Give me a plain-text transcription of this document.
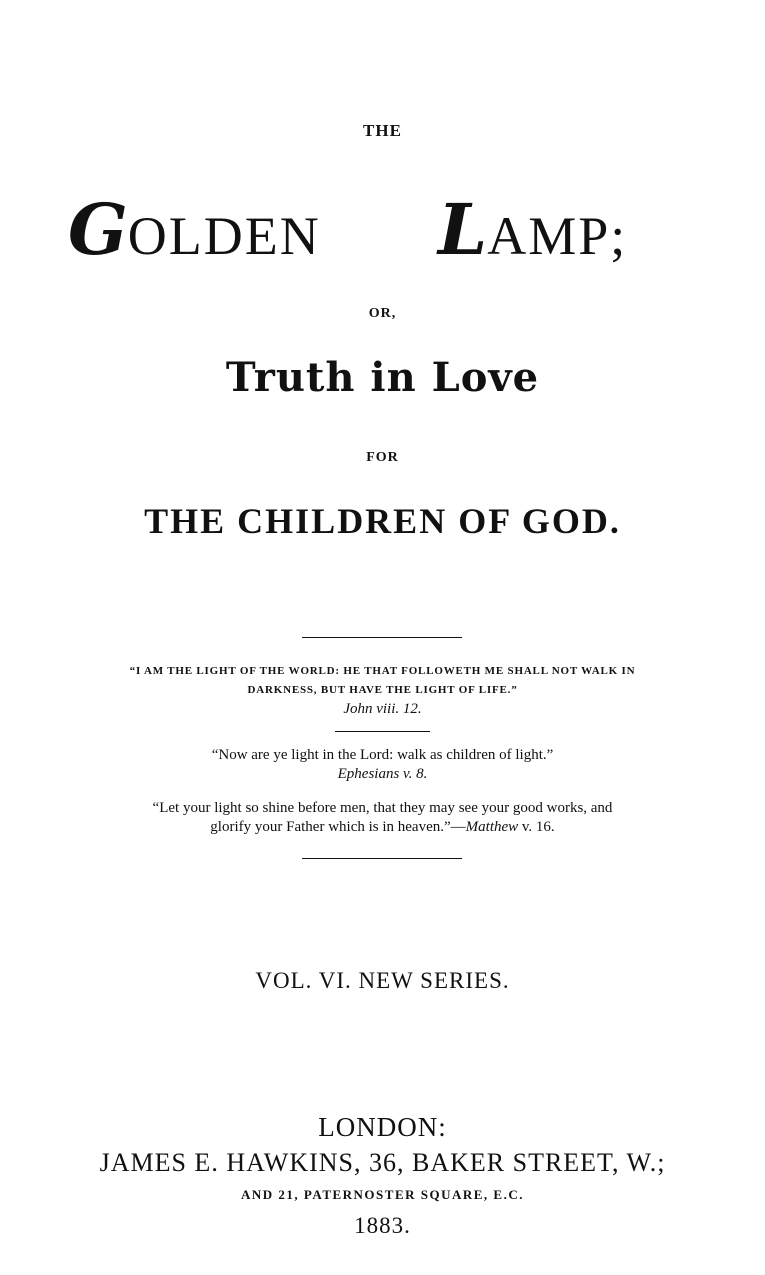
THE
GOLDEN LAMP;
OR,
Truth in Love
FOR
THE CHILDREN OF GOD.
“I AM THE LIGHT OF THE WORLD: HE THAT FOLLOWETH ME SHALL NOT WALK IN
DARKNESS, BUT HAVE THE LIGHT OF LIFE.”
John viii. 12.
“Now are ye light in the Lord: walk as children of light.”
Ephesians v. 8.
“Let your light so shine before men, that they may see your good works, and
glorify your Father which is in heaven.”—Matthew v. 16.
VOL. VI. NEW SERIES.
LONDON:
JAMES E. HAWKINS, 36, BAKER STREET, W.;
AND 21, PATERNOSTER SQUARE, E.C.
1883.
